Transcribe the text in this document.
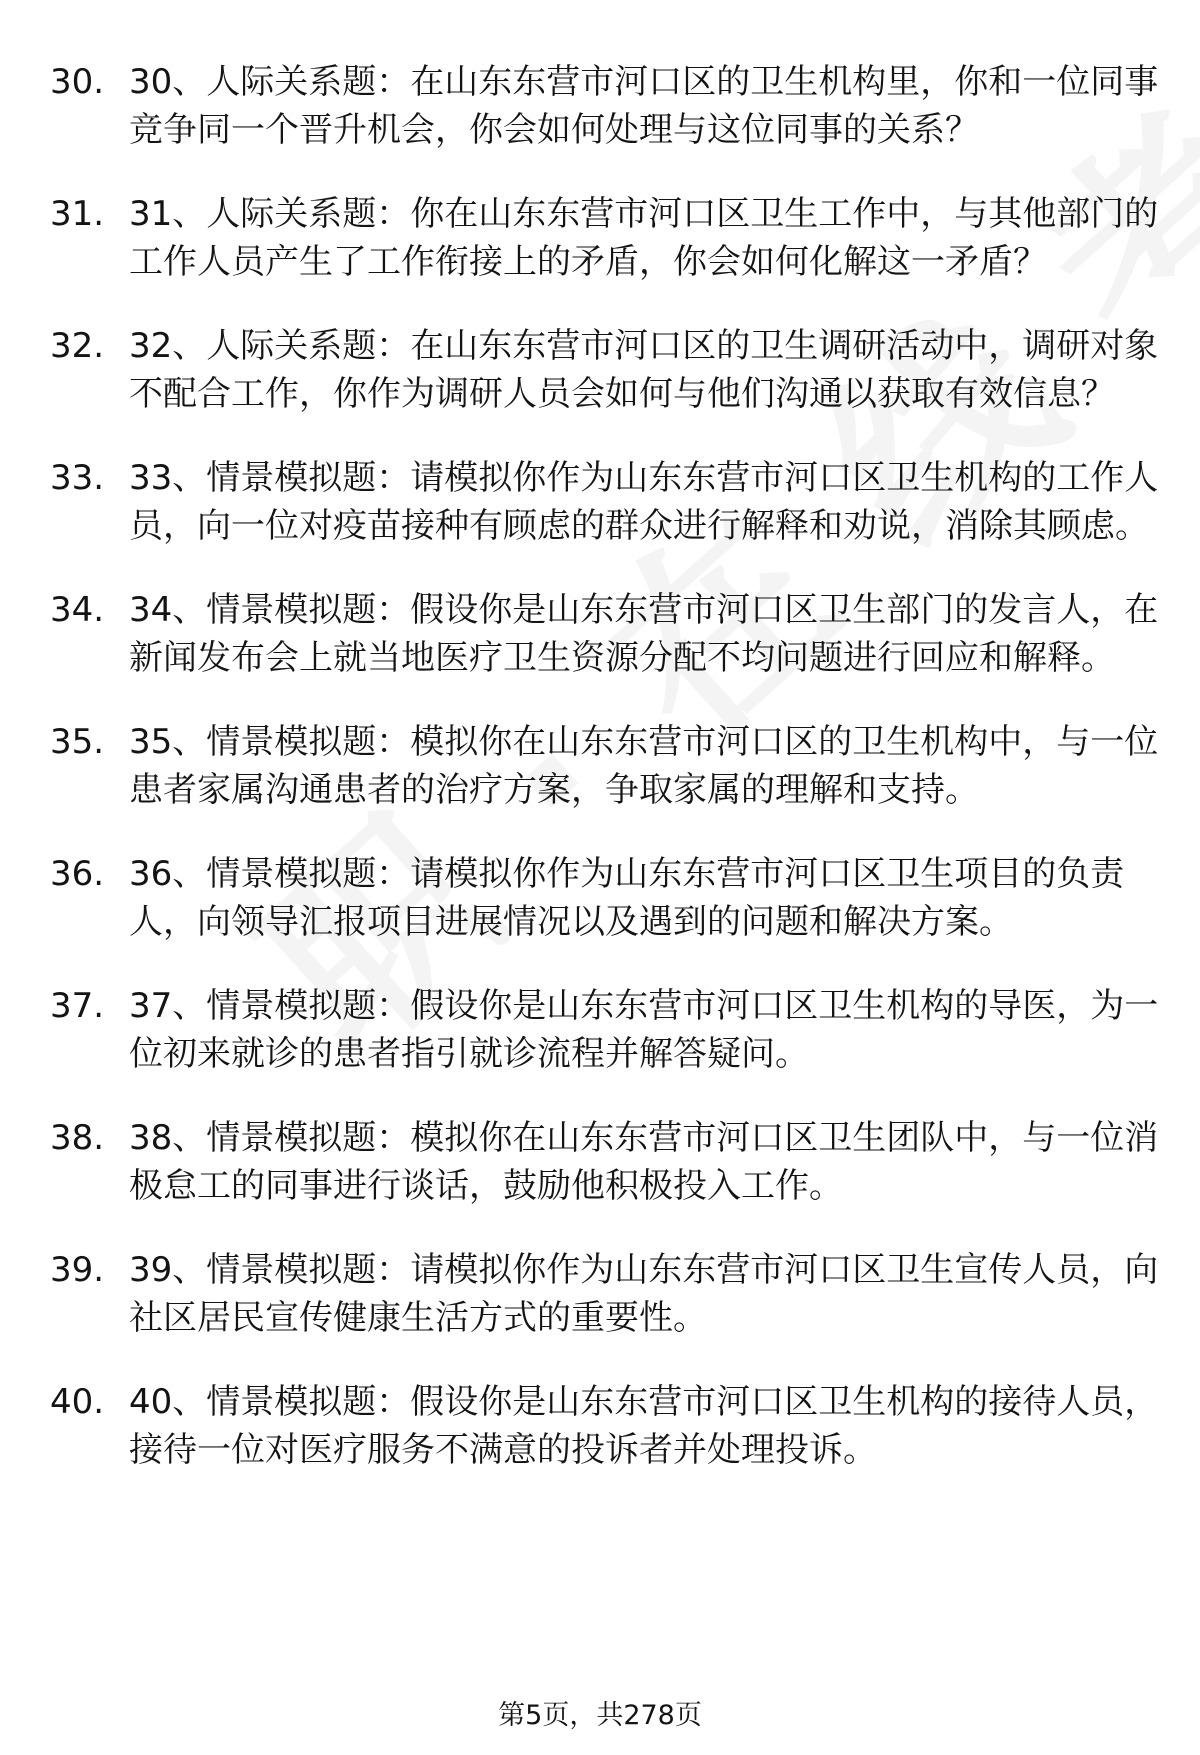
30. 30、人际关系题：在山东东营市河口区的卫生机构里，你和一位同事竞争同一个晋升机会，你会如何处理与这位同事的关系？
31. 31、人际关系题：你在山东东营市河口区卫生工作中，与其他部门的工作人员产生了工作衔接上的矛盾，你会如何化解这一矛盾？
32. 32、人际关系题：在山东东营市河口区的卫生调研活动中，调研对象不配合工作，你作为调研人员会如何与他们沟通以获取有效信息？
33. 33、情景模拟题：请模拟你作为山东东营市河口区卫生机构的工作人员，向一位对疫苗接种有顾虑的群众进行解释和劝说，消除其顾虑。
34. 34、情景模拟题：假设你是山东东营市河口区卫生部门的发言人，在新闻发布会上就当地医疗卫生资源分配不均问题进行回应和解释。
35. 35、情景模拟题：模拟你在山东东营市河口区的卫生机构中，与一位患者家属沟通患者的治疗方案，争取家属的理解和支持。
36. 36、情景模拟题：请模拟你作为山东东营市河口区卫生项目的负责人，向领导汇报项目进展情况以及遇到的问题和解决方案。
37. 37、情景模拟题：假设你是山东东营市河口区卫生机构的导医，为一位初来就诊的患者指引就诊流程并解答疑问。
38. 38、情景模拟题：模拟你在山东东营市河口区卫生团队中，与一位消极怠工的同事进行谈话，鼓励他积极投入工作。
39. 39、情景模拟题：请模拟你作为山东东营市河口区卫生宣传人员，向社区居民宣传健康生活方式的重要性。
40. 40、情景模拟题：假设你是山东东营市河口区卫生机构的接待人员，接待一位对医疗服务不满意的投诉者并处理投诉。
第5页，共278页
